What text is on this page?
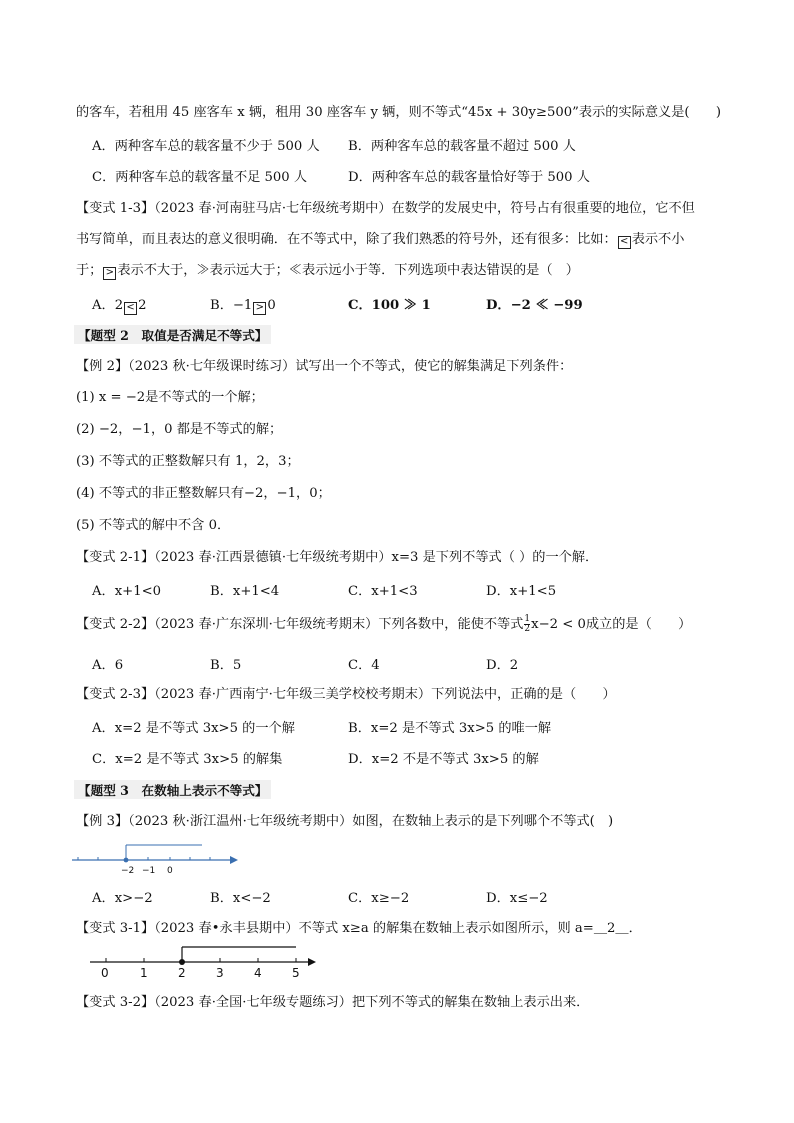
的客车，若租用 45 座客车 x 辆，租用 30 座客车 y 辆，则不等式“45x + 30y≥500”表示的实际意义是(　　)
A．两种客车总的载客量不少于 500 人 B．两种客车总的载客量不超过 500 人
C．两种客车总的载客量不足 500 人	D．两种客车总的载客量恰好等于 500 人
【变式 1-3】（2023 春·河南驻马店·七年级统考期中）在数学的发展史中，符号占有很重要的地位，它不但
书写简单，而且表达的意义很明确．在不等式中，除了我们熟悉的符号外，还有很多：比如： < 表示不小
于； > 表示不大于，≫表示远大于；≪表示远小于等．下列选项中表达错误的是（　）
A．2 < 2	B．−1 > 0	C．100 ≫ 1	D．−2 ≪ −99
【题型 2　取值是否满足不等式】
【例 2】（2023 秋·七年级课时练习）试写出一个不等式，使它的解集满足下列条件：
(1) x = −2是不等式的一个解；
(2) −2，−1，0 都是不等式的解；
(3) 不等式的正整数解只有 1，2，3；
(4) 不等式的非正整数解只有−2，−1，0；
(5) 不等式的解中不含 0．
【变式 2-1】（2023 春·江西景德镇·七年级统考期中）x=3 是下列不等式（ ）的一个解．
A．x+1<0	B．x+1<4	C．x+1<3	D．x+1<5
【变式 2-2】（2023 春·广东深圳·七年级统考期末）下列各数中，能使不等式 $\frac{1}{2} x-2 < 0$成立的是（　　）
A．6	B．5	C．4	D．2
【变式 2-3】（2023 春·广西南宁·七年级三美学校校考期末）下列说法中，正确的是（　　）
A．x=2 是不等式 3x>5 的一个解	B．x=2 是不等式 3x>5 的唯一解
C．x=2 是不等式 3x>5 的解集	D．x=2 不是不等式 3x>5 的解
【题型 3　在数轴上表示不等式】
【例 3】（2023 秋·浙江温州·七年级统考期中）如图，在数轴上表示的是下列哪个不等式(　)
−2 −1 0
A．x>−2	B．x<−2	C．x≥−2	D．x≤−2
【变式 3-1】（2023 春•永丰县期中）不等式 x≥a 的解集在数轴上表示如图所示，则 a=＿2＿．
0	1	2	3	4	5
【变式 3-2】（2023 春·全国·七年级专题练习）把下列不等式的解集在数轴上表示出来．
